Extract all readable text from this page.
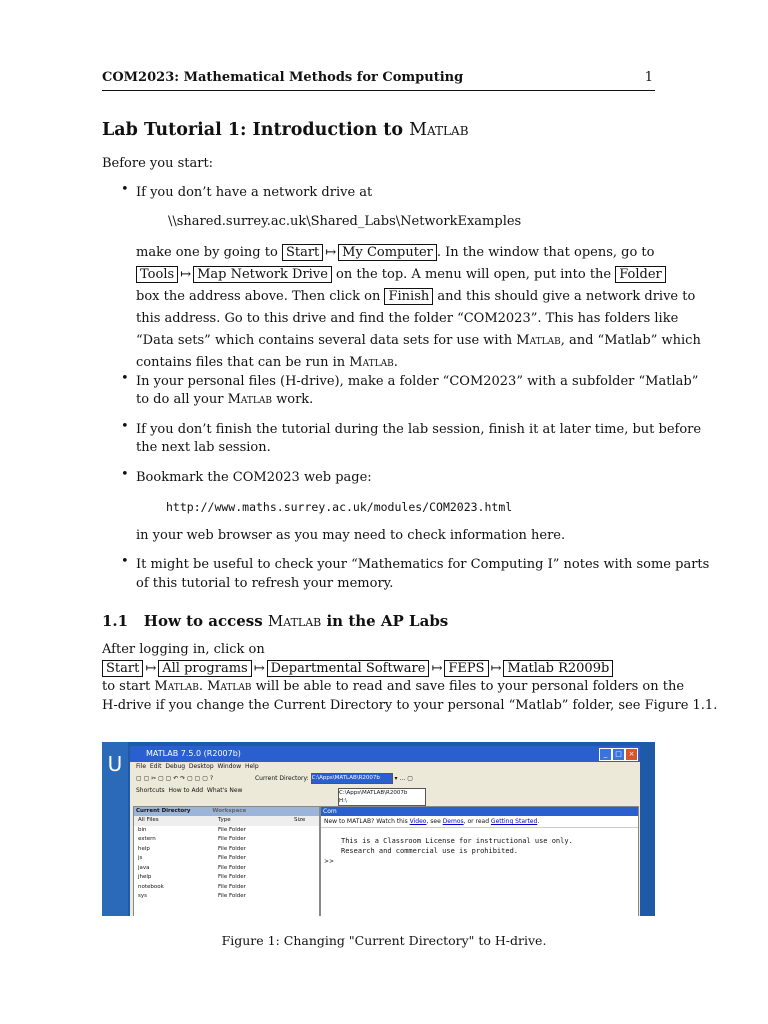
COM2023: Mathematical Methods for Computing	1
Lab Tutorial 1: Introduction to Matlab
Before you start:
• If you don’t have a network drive at
\\shared.surrey.ac.uk\Shared_Labs\NetworkExamples
make one by going to Start ↦ My Computer . In the window that opens, go to
Tools ↦ Map Network Drive on the top. A menu will open, put into the Folder
box the address above. Then click on Finish and this should give a network drive to
this address. Go to this drive and find the folder “COM2023”. This has folders like
“Data sets” which contains several data sets for use with Matlab, and “Matlab” which
contains files that can be run in Matlab.
• In your personal files (H-drive), make a folder “COM2023” with a subfolder “Matlab”
to do all your Matlab work.
• If you don’t finish the tutorial during the lab session, finish it at later time, but before
the next lab session.
• Bookmark the COM2023 web page:
http://www.maths.surrey.ac.uk/modules/COM2023.html
in your web browser as you may need to check information here.
• It might be useful to check your “Mathematics for Computing I” notes with some parts
of this tutorial to refresh your memory.
1.1 How to access Matlab in the AP Labs
After logging in, click on
Start ↦ All programs ↦ Departmental Software ↦ FEPS ↦ Matlab R2009b
to start Matlab. Matlab will be able to read and save files to your personal folders on the
H-drive if you change the Current Directory to your personal “Matlab” folder, see Figure 1.1.
U	MATLAB 7.5.0 (R2007b)	_	□ ×
File Edit Debug Desktop Window Help
▢ ▢ ✂ ▢ ▢ ↶ ↷ ▢ ▢ ▢ ?	Current Directory: C:\Apps\MATLAB\R2007b ▾ … ▢
Shortcuts How to Add What's New	C:\Apps\MATLAB\R2007b
H:\
Current Directory	Workspace
All Files	Type	Size
bin	File Folder
extern	File Folder
help	File Folder
js	File Folder
java	File Folder
jhelp	File Folder
notebook	File Folder
sys	File Folder
Com
New to MATLAB? Watch this Video, see Demos, or read Getting Started.
This is a Classroom License for instructional use only.
Research and commercial use is prohibited.
>>
Figure 1: Changing "Current Directory" to H-drive.
